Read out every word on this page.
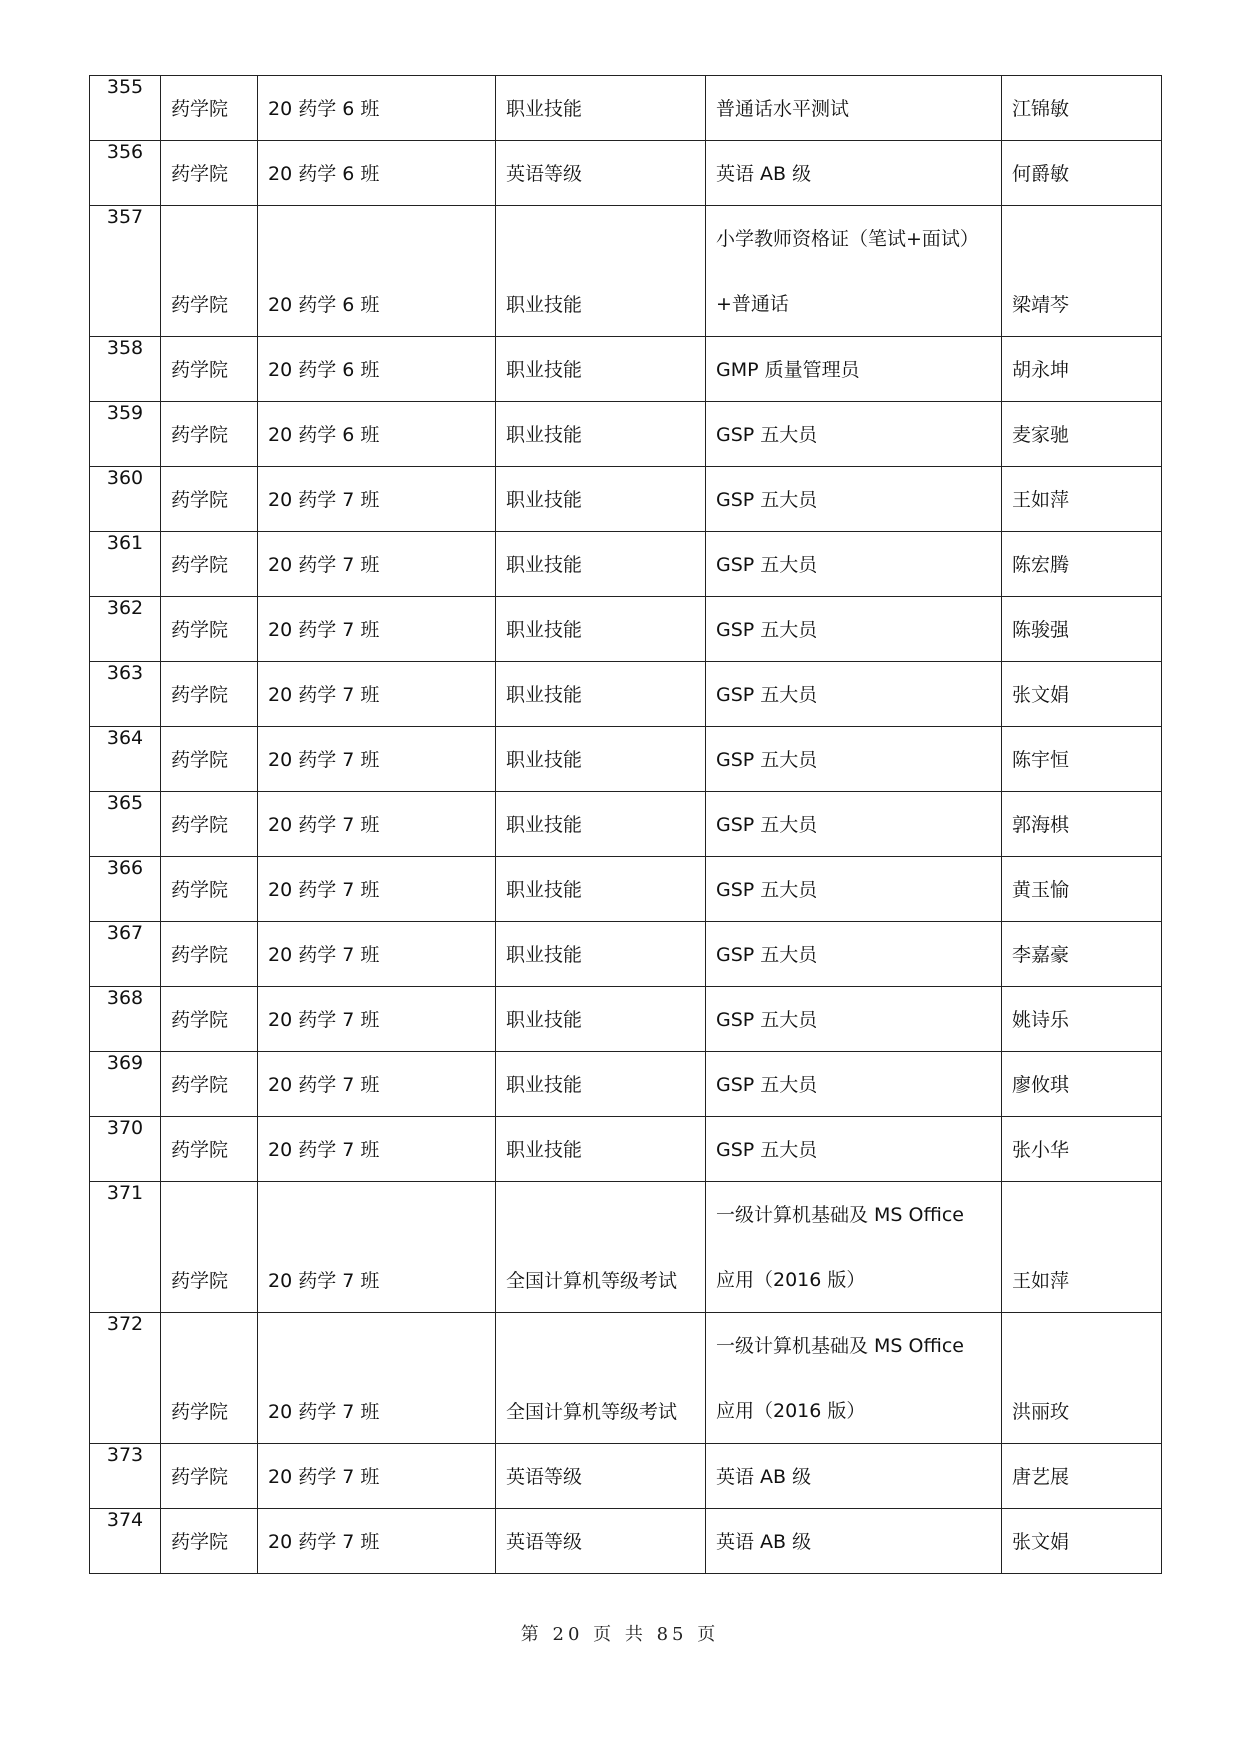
355	药学院	20 药学 6 班	职业技能	普通话水平测试	江锦敏

356	药学院	20 药学 6 班	英语等级	英语 AB 级	何爵敏

357	药学院	20 药学 6 班	职业技能	小学教师资格证（笔试+面试）
+普通话	梁靖芩

358	药学院	20 药学 6 班	职业技能	GMP 质量管理员	胡永坤

359	药学院	20 药学 6 班	职业技能	GSP 五大员	麦家驰

360	药学院	20 药学 7 班	职业技能	GSP 五大员	王如萍

361	药学院	20 药学 7 班	职业技能	GSP 五大员	陈宏腾

362	药学院	20 药学 7 班	职业技能	GSP 五大员	陈骏强

363	药学院	20 药学 7 班	职业技能	GSP 五大员	张文娟

364	药学院	20 药学 7 班	职业技能	GSP 五大员	陈宇恒

365	药学院	20 药学 7 班	职业技能	GSP 五大员	郭海棋

366	药学院	20 药学 7 班	职业技能	GSP 五大员	黄玉愉

367	药学院	20 药学 7 班	职业技能	GSP 五大员	李嘉豪

368	药学院	20 药学 7 班	职业技能	GSP 五大员	姚诗乐

369	药学院	20 药学 7 班	职业技能	GSP 五大员	廖攸琪

370	药学院	20 药学 7 班	职业技能	GSP 五大员	张小华

371	药学院	20 药学 7 班	全国计算机等级考试	一级计算机基础及 MS Office
应用（2016 版）	王如萍

372	药学院	20 药学 7 班	全国计算机等级考试	一级计算机基础及 MS Office
应用（2016 版）	洪丽玫

373	药学院	20 药学 7 班	英语等级	英语 AB 级	唐艺展

374	药学院	20 药学 7 班	英语等级	英语 AB 级	张文娟
第 20 页 共 85 页
